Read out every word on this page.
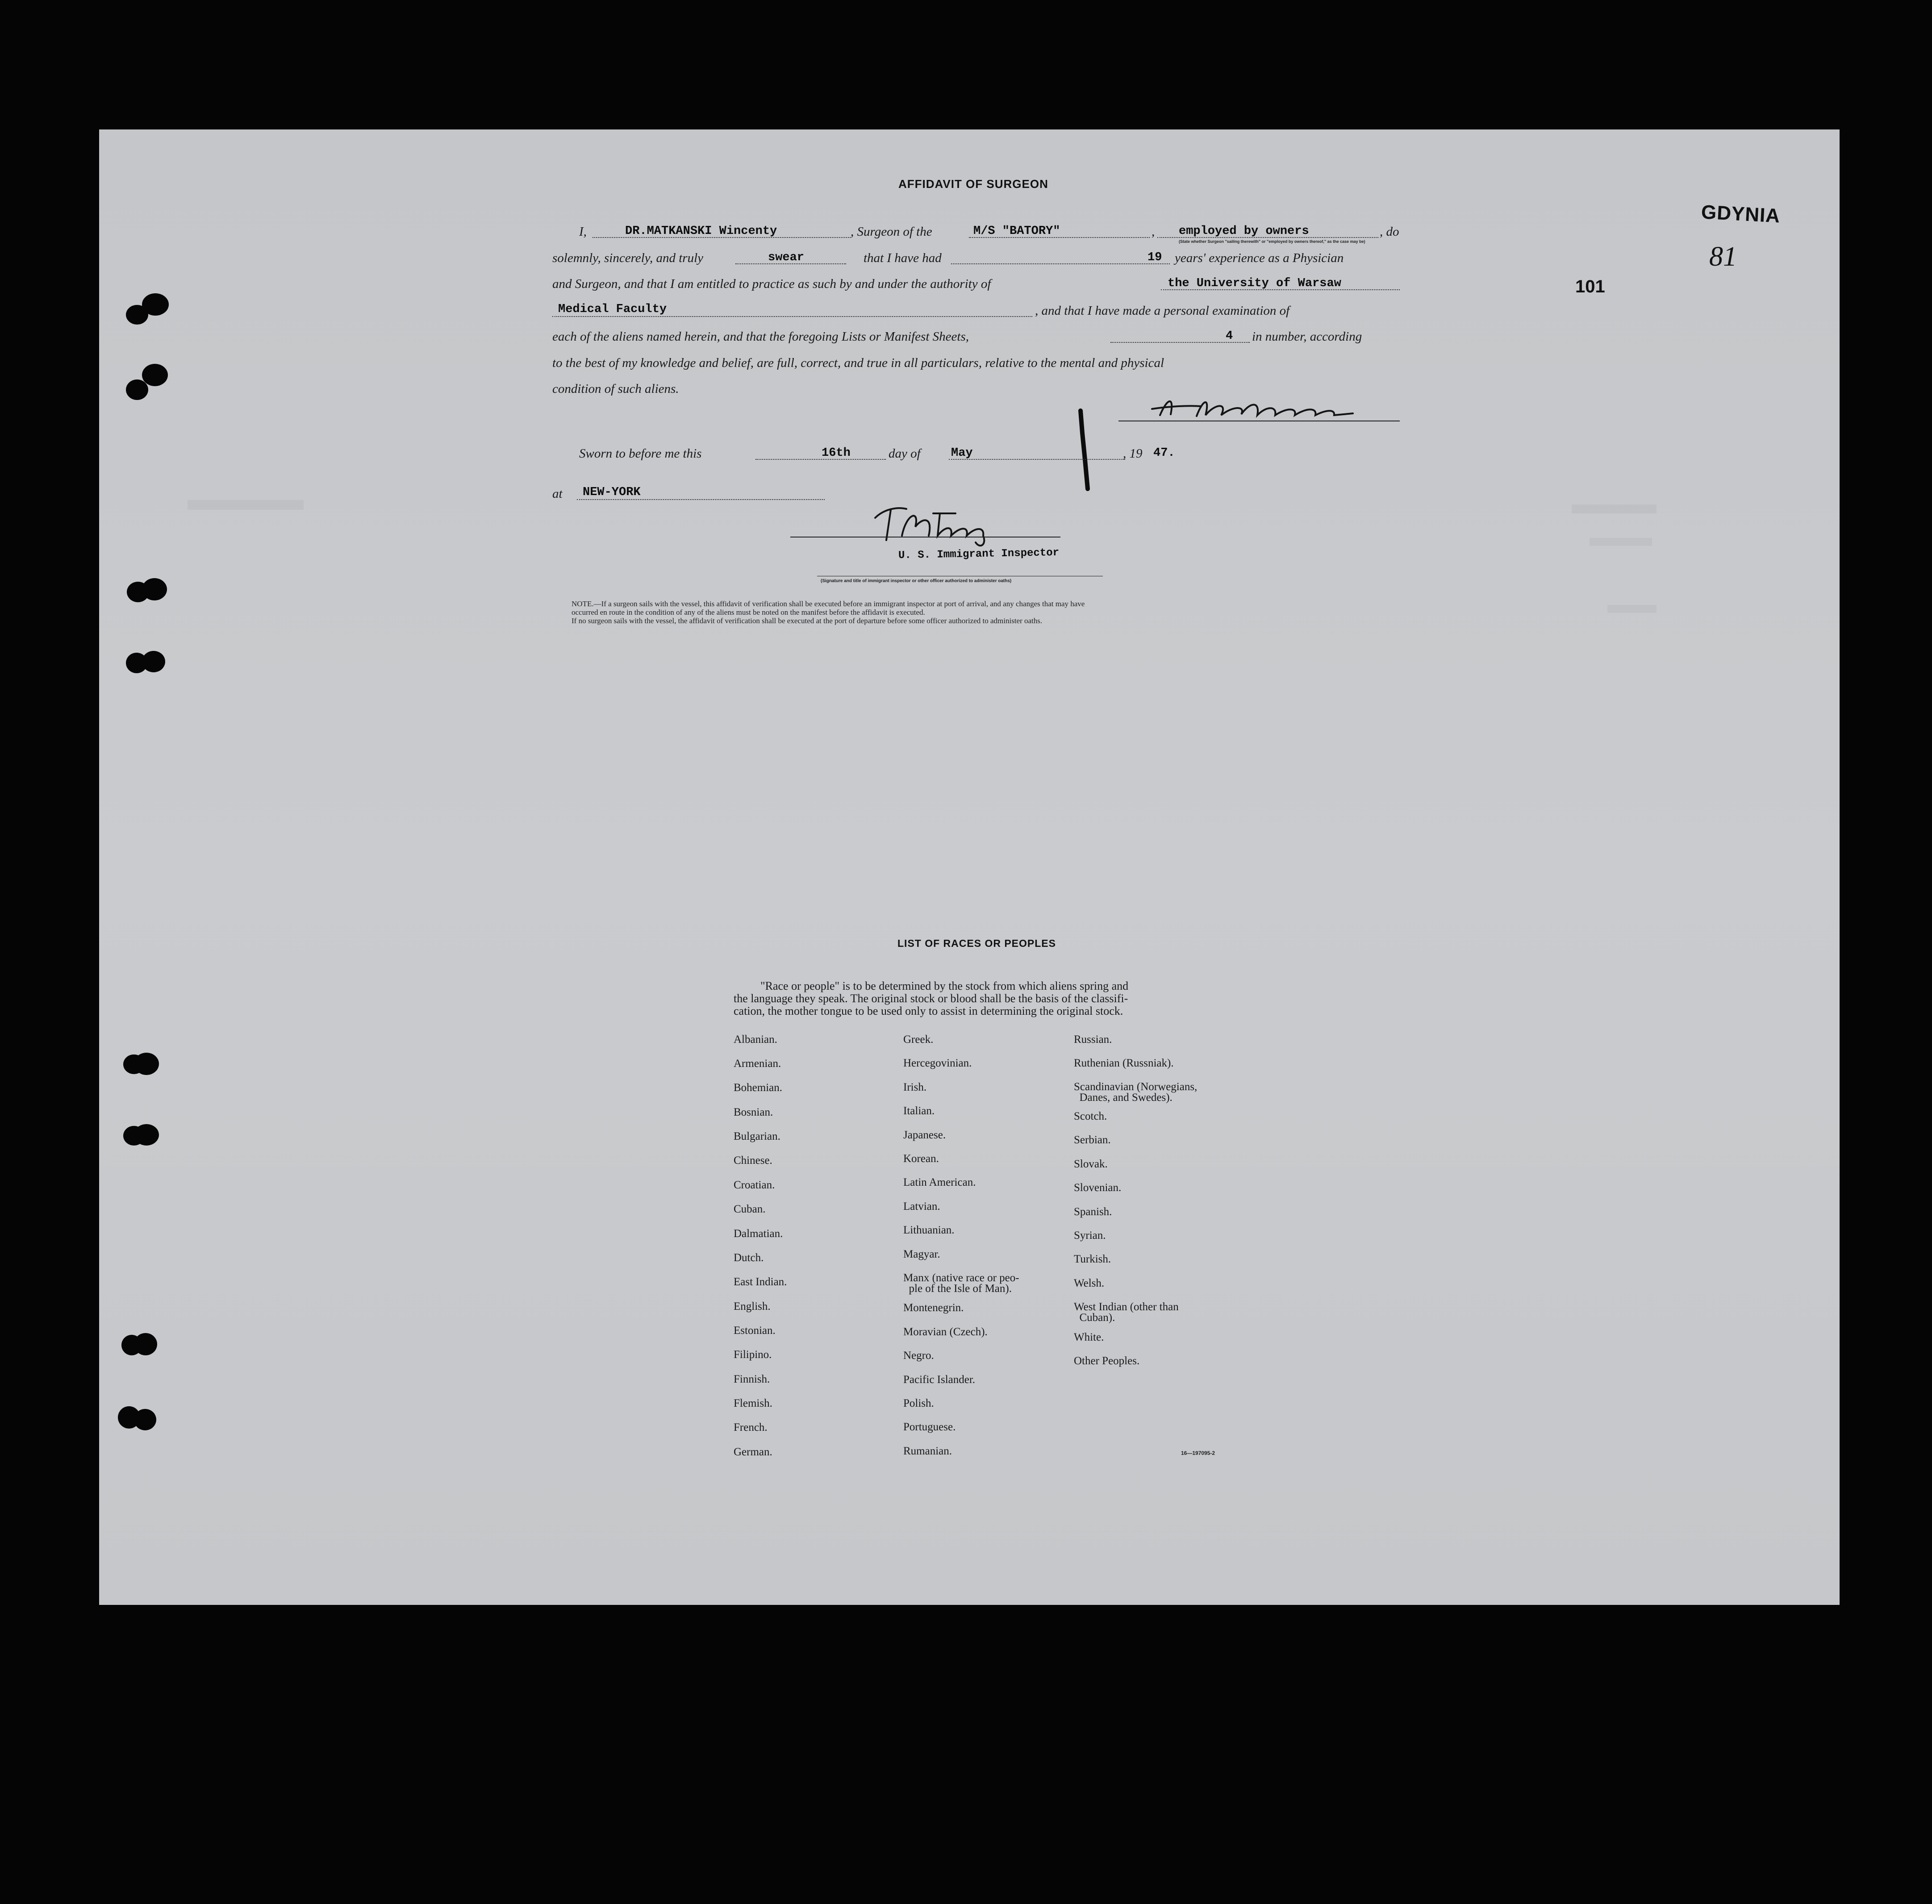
GDYNIA
81
101
AFFIDAVIT OF SURGEON
I,	, Surgeon of the	,	, do
DR.MATKANSKI Wincenty	M/S "BATORY"	employed by owners
(State whether Surgeon "sailing therewith" or "employed by owners thereof," as the case may be)
solemnly, sincerely, and truly	that I have had	years' experience as a Physician
swear	19
and Surgeon, and that I am entitled to practice as such by and under the authority of	the University of Warsaw
Medical Faculty	, and that I have made a personal examination of
each of the aliens named herein, and that the foregoing Lists or Manifest Sheets,	in number, according
4
to the best of my knowledge and belief, are full, correct, and true in all particulars, relative to the mental and physical
condition of such aliens.
Sworn to before me this	day of	, 19
16th	May	47.
at NEW-YORK
U. S. Immigrant Inspector
(Signature and title of immigrant inspector or other officer authorized to administer oaths)
NOTE.—If a surgeon sails with the vessel, this affidavit of verification shall be executed before an immigrant inspector at port of arrival, and any changes that may have
occurred en route in the condition of any of the aliens must be noted on the manifest before the affidavit is executed.
If no surgeon sails with the vessel, the affidavit of verification shall be executed at the port of departure before some officer authorized to administer oaths.
LIST OF RACES OR PEOPLES
"Race or people" is to be determined by the stock from which aliens spring and
the language they speak. The original stock or blood shall be the basis of the classifi-
cation, the mother tongue to be used only to assist in determining the original stock.
Albanian.
Armenian.
Bohemian.
Bosnian.
Bulgarian.
Chinese.
Croatian.
Cuban.
Dalmatian.
Dutch.
East Indian.
English.
Estonian.
Filipino.
Finnish.
Flemish.
French.
German.
Greek.
Hercegovinian.
Irish.
Italian.
Japanese.
Korean.
Latin American.
Latvian.
Lithuanian.
Magyar.
Manx (native race or peo-
ple of the Isle of Man).
Montenegrin.
Moravian (Czech).
Negro.
Pacific Islander.
Polish.
Portuguese.
Rumanian.
Russian.
Ruthenian (Russniak).
Scandinavian (Norwegians,
Danes, and Swedes).
Scotch.
Serbian.
Slovak.
Slovenian.
Spanish.
Syrian.
Turkish.
Welsh.
West Indian (other than
Cuban).
White.
Other Peoples.
16—197095-2
